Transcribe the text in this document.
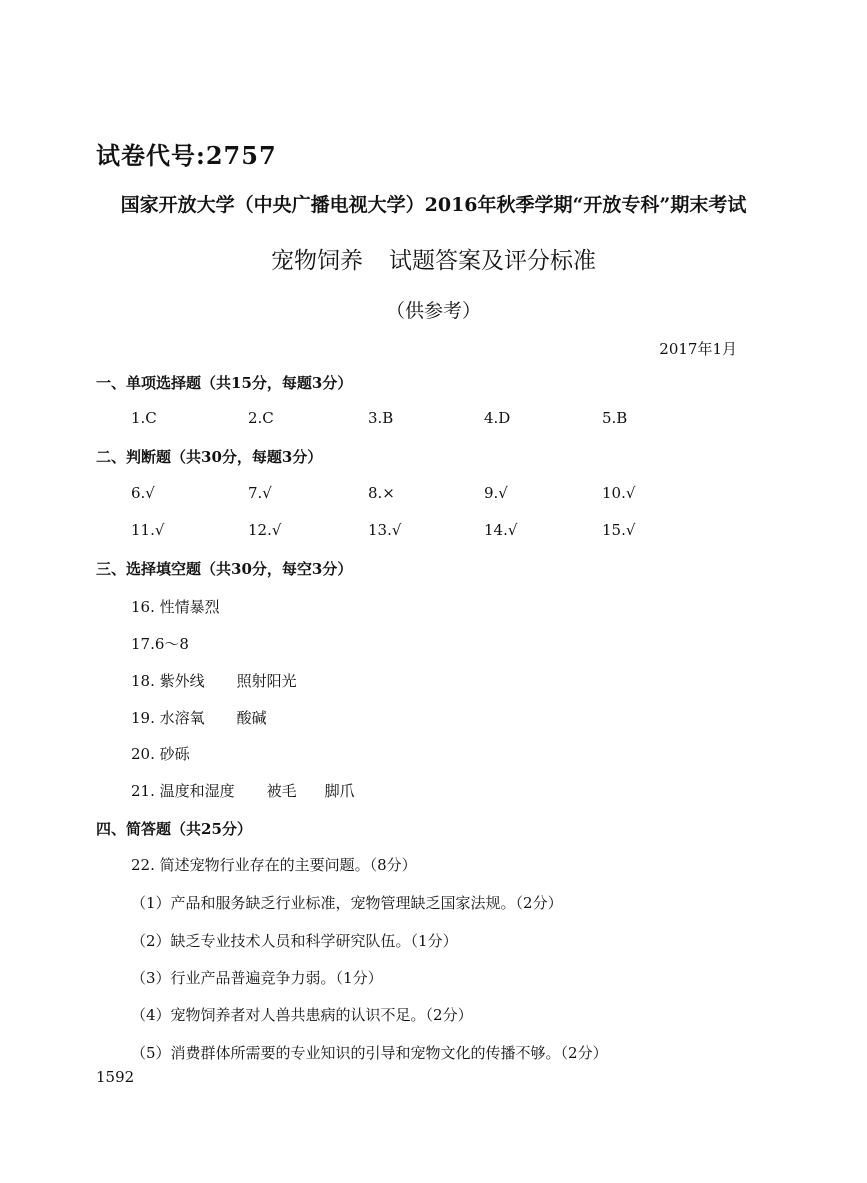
试卷代号:2757
国家开放大学（中央广播电视大学）2016年秋季学期“开放专科”期末考试
宠物饲养 试题答案及评分标准
（供参考）
2017年1月
一、单项选择题（共15分，每题3分）
1.C	2.C	3.B	4.D	5.B
二、判断题（共30分，每题3分）
6.√	7.√	8.×	9.√	10.√
11.√	12.√	13.√	14.√	15.√
三、选择填空题（共30分，每空3分）
16. 性情暴烈
17.6～8
18. 紫外线 照射阳光
19. 水溶氧 酸碱
20. 砂砾
21. 温度和湿度 被毛 脚爪
四、简答题（共25分）
22. 简述宠物行业存在的主要问题。（8分）
（1）产品和服务缺乏行业标准，宠物管理缺乏国家法规。（2分）
（2）缺乏专业技术人员和科学研究队伍。（1分）
（3）行业产品普遍竞争力弱。（1分）
（4）宠物饲养者对人兽共患病的认识不足。（2分）
（5）消费群体所需要的专业知识的引导和宠物文化的传播不够。（2分）
1592
